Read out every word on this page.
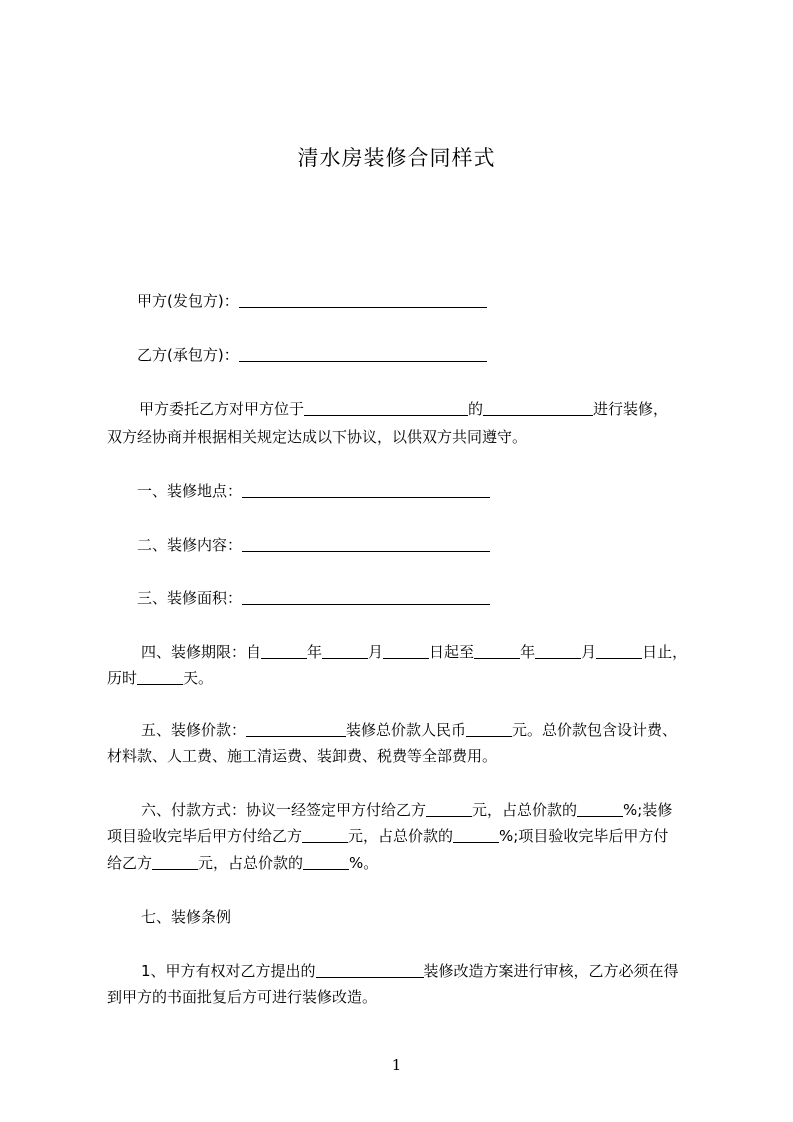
清水房装修合同样式
甲方(发包方)：
乙方(承包方)：
甲方委托乙方对甲方位于	的	进行装修，
双方经协商并根据相关规定达成以下协议，以供双方共同遵守。
一、装修地点：
二、装修内容：
三、装修面积：
四、装修期限：自	年	月	日起至	年	月	日止，
历时	天。
五、装修价款：	装修总价款人民币	元。总价款包含设计费、
材料款、人工费、施工清运费、装卸费、税费等全部费用。
六、付款方式：协议一经签定甲方付给乙方	元，占总价款的	%;装修
项目验收完毕后甲方付给乙方	元，占总价款的	%;项目验收完毕后甲方付
给乙方	元，占总价款的	%。
七、装修条例
1、甲方有权对乙方提出的	装修改造方案进行审核，乙方必须在得
到甲方的书面批复后方可进行装修改造。
1
